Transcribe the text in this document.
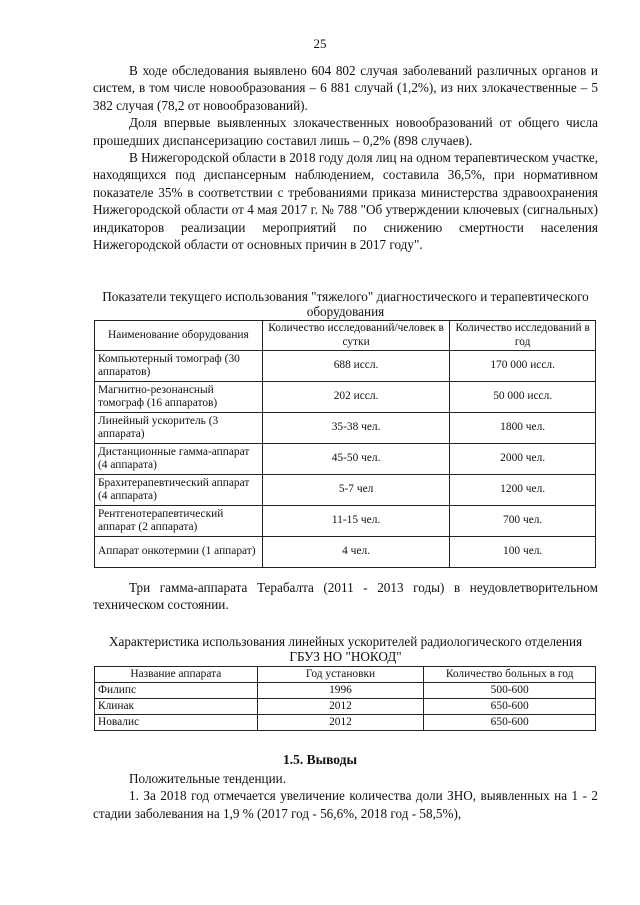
25

В ходе обследования выявлено 604 802 случая заболеваний различных органов и систем, в том числе новообразования – 6 881 случай (1,2%), из них злокачественные – 5 382 случая (78,2 от новообразований).

Доля впервые выявленных злокачественных новообразований от общего числа прошедших диспансеризацию составил лишь – 0,2% (898 случаев).

В Нижегородской области в 2018 году доля лиц на одном терапевтическом участке, находящихся под диспансерным наблюдением, составила 36,5%, при нормативном показателе 35% в соответствии с требованиями приказа министерства здравоохранения Нижегородской области от 4 мая 2017 г. № 788 "Об утверждении ключевых (сигнальных) индикаторов реализации мероприятий по снижению смертности населения Нижегородской области от основных причин в 2017 году".

Показатели текущего использования "тяжелого" диагностического и терапевтического оборудования
Наименование оборудования	Количество исследований/человек в сутки	Количество исследований в год
Компьютерный томограф (30 аппаратов)	688 иссл.	170 000 иссл.
Магнитно-резонансный томограф (16 аппаратов)	202 иссл.	50 000 иссл.
Линейный ускоритель (3 аппарата)	35-38 чел.	1800 чел.
Дистанционные гамма-аппарат (4 аппарата)	45-50 чел.	2000 чел.
Брахитерапевтический аппарат (4 аппарата)	5-7 чел	1200 чел.
Рентгенотерапевтический аппарат (2 аппарата)	11-15 чел.	700 чел.
Аппарат онкотермии (1 аппарат)	4 чел.	100 чел.

Три гамма-аппарата Терабалта (2011 - 2013 годы) в неудовлетворительном техническом состоянии.

Характеристика использования линейных ускорителей радиологического отделения ГБУЗ НО "НОКОД"
Название аппарата	Год установки	Количество больных в год
Филипс	1996	500-600
Клинак	2012	650-600
Новалис	2012	650-600
1.5. Выводы

Положительные тенденции.

1. За 2018 год отмечается увеличение количества доли ЗНО, выявленных на 1 - 2 стадии заболевания на 1,9 % (2017 год - 56,6%, 2018 год - 58,5%),
